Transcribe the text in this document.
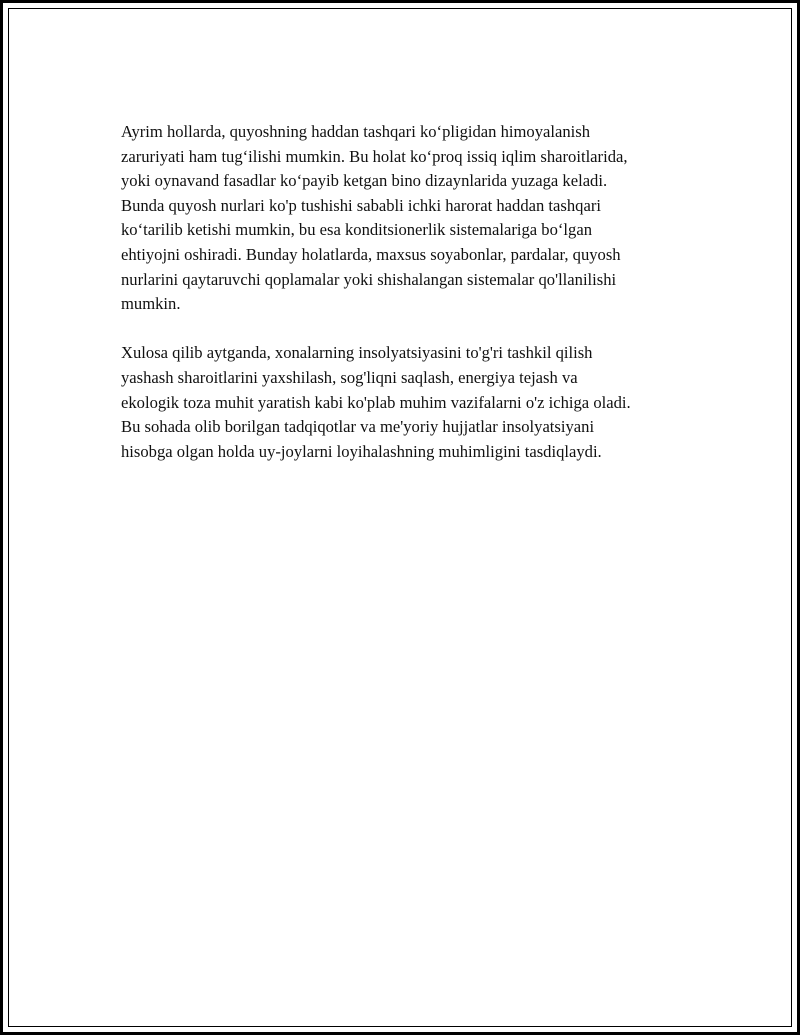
Ayrim hollarda, quyoshning haddan tashqari ko‘pligidan himoyalanish
zaruriyati ham tug‘ilishi mumkin. Bu holat ko‘proq issiq iqlim sharoitlarida,
yoki oynavand fasadlar ko‘payib ketgan bino dizaynlarida yuzaga keladi.
Bunda quyosh nurlari ko'p tushishi sababli ichki harorat haddan tashqari
ko‘tarilib ketishi mumkin, bu esa konditsionerlik sistemalariga bo‘lgan
ehtiyojni oshiradi. Bunday holatlarda, maxsus soyabonlar, pardalar, quyosh
nurlarini qaytaruvchi qoplamalar yoki shishalangan sistemalar qo'llanilishi
mumkin.

Xulosa qilib aytganda, xonalarning insolyatsiyasini to'g'ri tashkil qilish
yashash sharoitlarini yaxshilash, sog'liqni saqlash, energiya tejash va
ekologik toza muhit yaratish kabi ko'plab muhim vazifalarni o'z ichiga oladi.
Bu sohada olib borilgan tadqiqotlar va me'yoriy hujjatlar insolyatsiyani
hisobga olgan holda uy-joylarni loyihalashning muhimligini tasdiqlaydi.
